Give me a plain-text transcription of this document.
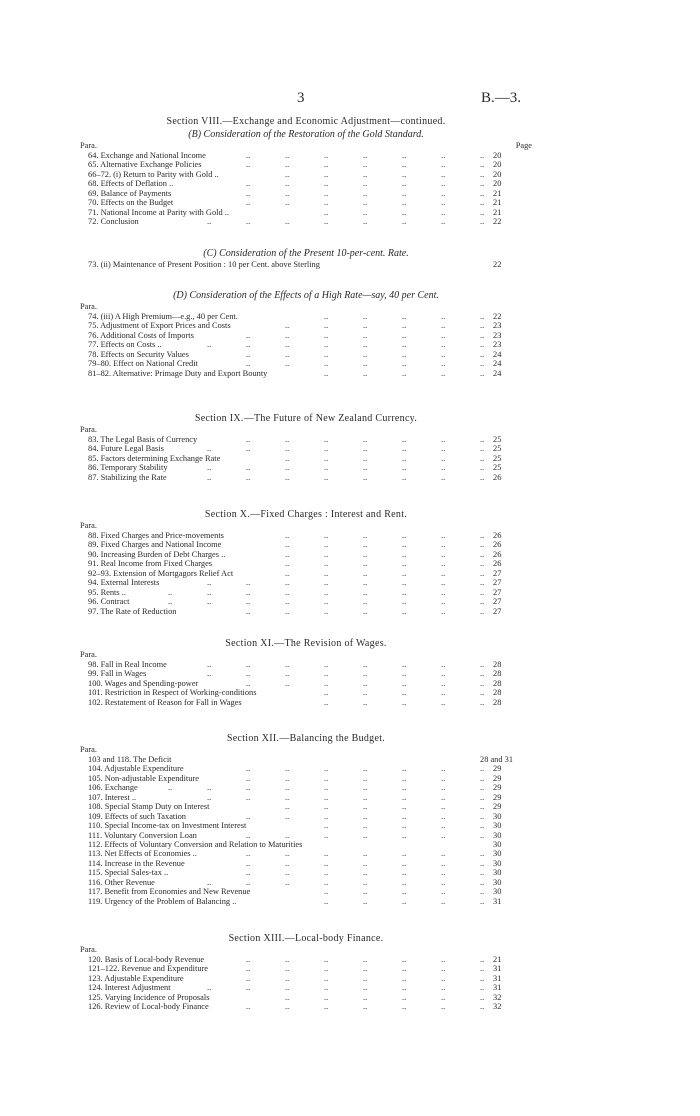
3	B.—3.
Section VIII.—Exchange and Economic Adjustment—continued.
(B) Consideration of the Restoration of the Gold Standard.
Para.	Page
..
..
..
..
..
..
..
64. Exchange and National Income	20
..
..
..
..
..
..
..
65. Alternative Exchange Policies	20
..
..
..
..
..
..
66–72. (i) Return to Parity with Gold ..	20
..
..
..
..
..
..
..
68. Effects of Deflation ..	20
..
..
..
..
..
..
..
69. Balance of Payments	21
..
..
..
..
..
..
..
70. Effects on the Budget	21
..
..
..
..
..
71. National Income at Parity with Gold ..	21
..
..
..
..
..
..
..
..
72. Conclusion	22
(C) Consideration of the Present 10-per-cent. Rate.
73. (ii) Maintenance of Present Position : 10 per Cent. above Sterling	22
(D) Consideration of the Effects of a High Rate—say, 40 per Cent.
Para.
..
..
..
..
..
74. (iii) A High Premium—e.g., 40 per Cent.	22
..
..
..
..
..
..
75. Adjustment of Export Prices and Costs	23
..
..
..
..
..
..
..
76. Additional Costs of Imports	23
..
..
..
..
..
..
..
..
77. Effects on Costs ..	23
..
..
..
..
..
..
..
78. Effects on Security Values	24
..
..
..
..
..
..
..
79–80. Effect on National Credit	24
..
..
..
..
..
81–82. Alternative: Primage Duty and Export Bounty	24
Section IX.—The Future of New Zealand Currency.
Para.
..
..
..
..
..
..
..
83. The Legal Basis of Currency	25
..
..
..
..
..
..
..
..
84. Future Legal Basis	25
..
..
..
..
..
..
85. Factors determining Exchange Rate	25
..
..
..
..
..
..
..
..
86. Temporary Stability	25
..
..
..
..
..
..
..
..
87. Stabilizing the Rate	26
Section X.—Fixed Charges : Interest and Rent.
Para.
..
..
..
..
..
..
88. Fixed Charges and Price-movements	26
..
..
..
..
..
..
89. Fixed Charges and National Income	26
..
..
..
..
..
..
90. Increasing Burden of Debt Charges ..	26
..
..
..
..
..
..
91. Real Income from Fixed Charges	26
..
..
..
..
..
..
92–93. Extension of Mortgagors Relief Act	27
..
..
..
..
..
..
..
..
94. External Interests	27
..
..
..
..
..
..
..
..
..
95. Rents ..	27
..
..
..
..
..
..
..
..
..
96. Contract	27
..
..
..
..
..
..
..
97. The Rate of Reduction	27
Section XI.—The Revision of Wages.
Para.
..
..
..
..
..
..
..
..
98. Fall in Real Income	28
..
..
..
..
..
..
..
..
99. Fall in Wages	28
..
..
..
..
..
..
..
100. Wages and Spending-power	28
..
..
..
..
..
101. Restriction in Respect of Working-conditions	28
..
..
..
..
..
102. Restatement of Reason for Fall in Wages	28
Section XII.—Balancing the Budget.
Para.
103 and 118. The Deficit	28 and 31
..
..
..
..
..
..
..
104. Adjustable Expenditure	29
..
..
..
..
..
..
..
105. Non-adjustable Expenditure	29
..
..
..
..
..
..
..
..
..
106. Exchange	29
..
..
..
..
..
..
..
..
107. Interest ..	29
..
..
..
..
..
..
108. Special Stamp Duty on Interest	29
..
..
..
..
..
..
..
109. Effects of such Taxation	30
..
..
..
..
..
110. Special Income-tax on Investment Interest	30
..
..
..
..
..
..
..
111. Voluntary Conversion Loan	30
112. Effects of Voluntary Conversion and Relation to Maturities	30
..
..
..
..
..
..
..
113. Net Effects of Economies ..	30
..
..
..
..
..
..
..
114. Increase in the Revenue	30
..
..
..
..
..
..
..
115. Special Sales-tax ..	30
..
..
..
..
..
..
..
..
116. Other Revenue	30
..
..
..
..
..
117. Benefit from Economies and New Revenue	30
..
..
..
..
..
119. Urgency of the Problem of Balancing ..	31
Section XIII.—Local-body Finance.
Para.
..
..
..
..
..
..
..
120. Basis of Local-body Revenue	21
..
..
..
..
..
..
..
121–122. Revenue and Expenditure	31
..
..
..
..
..
..
..
123. Adjustable Expenditure	31
..
..
..
..
..
..
..
..
124. Interest Adjustment	31
..
..
..
..
..
..
125. Varying Incidence of Proposals	32
..
..
..
..
..
..
..
126. Review of Local-body Finance	32
